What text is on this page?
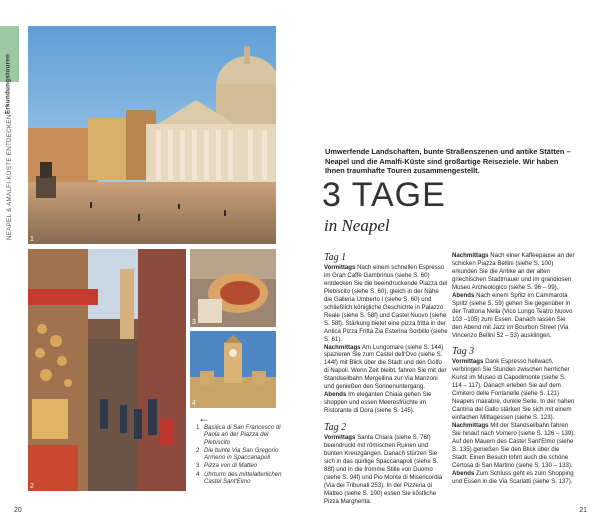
NEAPEL & AMALFI-KÜSTE ENTDECKEN
Erkundungstouren
1
2
3
4
←
1 Basilica di San Francesco di Paola an der Piazza del Plebiscito
2 Die bunte Via San Gregorio Armeno in Spaccanapoli
3 Pizza von di Matteo
4 Uhrturm des mittelalterlichen Castel Sant'Elmo
20	21
Umwerfende Landschaften, bunte Straßenszenen und antike Stätten – Neapel und die Amalfi-Küste sind großartige Reiseziele. Wir haben Ihnen traumhafte Touren zusammengestellt.
3 TAGE
in Neapel
Tag 1

Vormittags Nach einem schnellen Espresso im Gran Caffè Gambrinus (siehe S. 60) entdecken Sie die beeindruckende Piazza del Plebiscito (siehe S. 60), gleich in der Nähe die Galleria Umberto I (siehe S. 60) und schließlich königliche Geschichte in Palazzo Reale (siehe S. 58f) und Castel Nuovo (siehe S. 58f). Stärkung bietet eine pizza fritta in der Antica Pizza Fritta Zia Esterina Sorbillo (siehe S. 61).

Nachmittags Am Lungomare (siehe S. 144) spazieren Sie zum Castel dell'Ovo (siehe S. 144f) mit Blick über die Stadt und den Golfo di Napoli. Wenn Zeit bleibt, fahren Sie mit der Standseilbahn Mergellina zur Via Manzoni und genießen den Sonnenuntergang.

Abends Im eleganten Chiaia gehen Sie shoppen und essen Meeresfrüchte im Ristorante di Dora (siehe S. 145).

Tag 2

Vormittags Santa Chiara (siehe S. 76f) beeindruckt mit römischen Ruinen und bunten Kreuzgängen. Danach stürzen Sie sich in das quirlige Spaccanapoli (siehe S. 88f) und in die fromme Stille von Duomo (siehe S. 94f) und Pio Monte di Misericordia (Via dei Tribunali 253). In der Pizzeria di Matteo (siehe S. 100) essen Sie köstliche Pizza Margherita.

Nachmittags Nach einer Kaffeepause an der schicken Piazza Bellini (siehe S. 100) erkunden Sie die Antike an der alten griechischen Stadtmauer und im grandiosen Museo Archeologico (siehe S. 96 – 99).

Abends Nach einem Spritz im Cammarota Spritz (siehe S. 59) gehen Sie gegenüber in der Trattoria Nella (Vico Lungo Teatro Nuovo 103 –105) zum Essen. Danach lassen Sie den Abend mit Jazz im Bourbon Street (Via Vincenzo Bellini 52 – 53) ausklingen.

Tag 3

Vormittags Dank Espresso hellwach, verbringen Sie Stunden zwischen herrlicher Kunst im Museo di Capodimonte (siehe S. 114 – 117). Danach erleben Sie auf dem Cimitero delle Fontanelle (siehe S. 121) Neapels makabre, dunkle Seite. In der nahen Cantina del Gallo stärken Sie sich mit einem einfachen Mittagessen (siehe S. 123).

Nachmittags Mit der Standseilbahn fahren Sie hinauf nach Vomero (siehe S. 126 – 139). Auf den Mauern des Castel Sant'Elmo (siehe S. 135) genießen Sie den Blick über die Stadt. Einen Besuch lohnt auch die schöne Certosa di San Martino (siehe S. 130 – 133).

Abends Zum Schluss geht es zum Shopping und Essen in die Via Scarlatti (siehe S. 137).
